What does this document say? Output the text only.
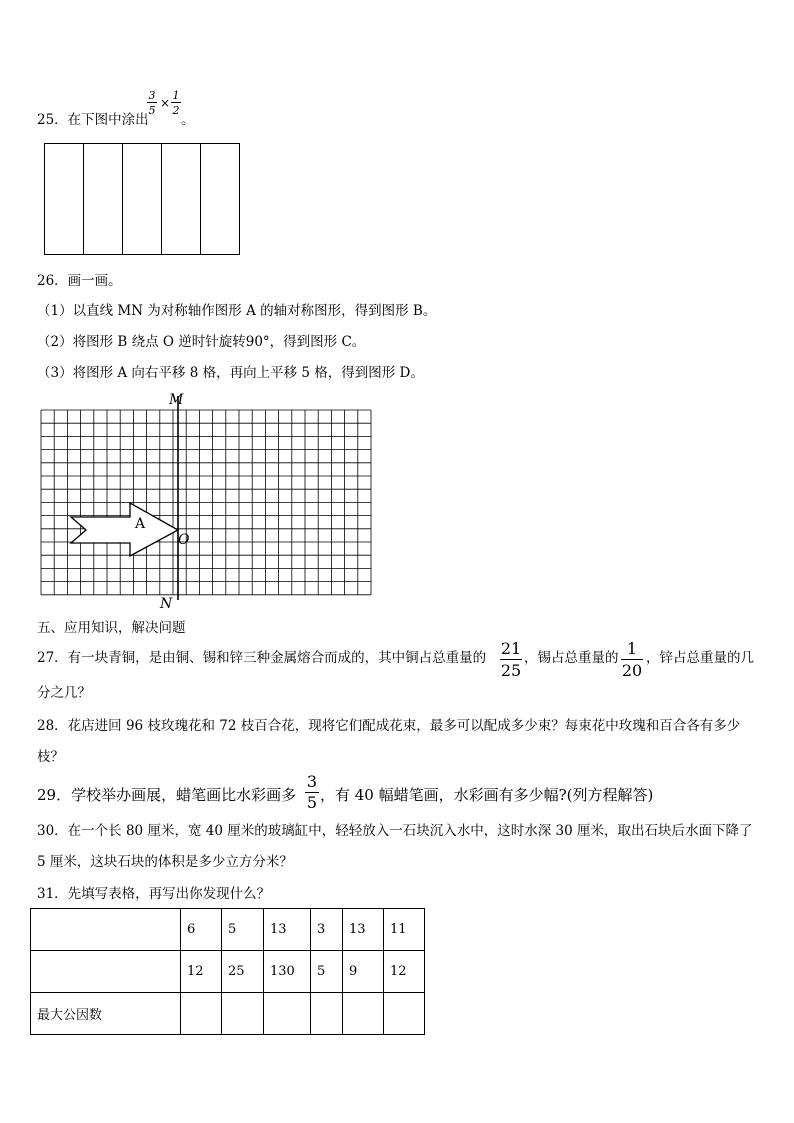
25．在下图中涂出
3
5
×
1
2
。
26．画一画。
（1）以直线 MN 为对称轴作图形 A 的轴对称图形，得到图形 B。
（2）将图形 B 绕点 O 逆时针旋转90°，得到图形 C。
（3）将图形 A 向右平移 8 格，再向上平移 5 格，得到图形 D。
A
M
N
O
五、应用知识，解决问题
27．有一块青铜，是由铜、锡和锌三种金属熔合而成的，其中铜占总重量的 21
25
，锡占总重量的 1
20
，锌占总重量的几
分之几？
28．花店进回 96 枝玫瑰花和 72 枝百合花，现将它们配成花束，最多可以配成多少束？每束花中玫瑰和百合各有多少
枝？
29．学校举办画展，蜡笔画比水彩画多
3
5 ，有 40 幅蜡笔画，水彩画有多少幅?(列方程解答)
30．在一个长 80 厘米，宽 40 厘米的玻璃缸中，轻轻放入一石块沉入水中，这时水深 30 厘米，取出石块后水面下降了
5 厘米，这块石块的体积是多少立方分米？
31．先填写表格，再写出你发现什么？
	6	5	13	3	13	11
	12	25	130	5	9	12
最大公因数						
